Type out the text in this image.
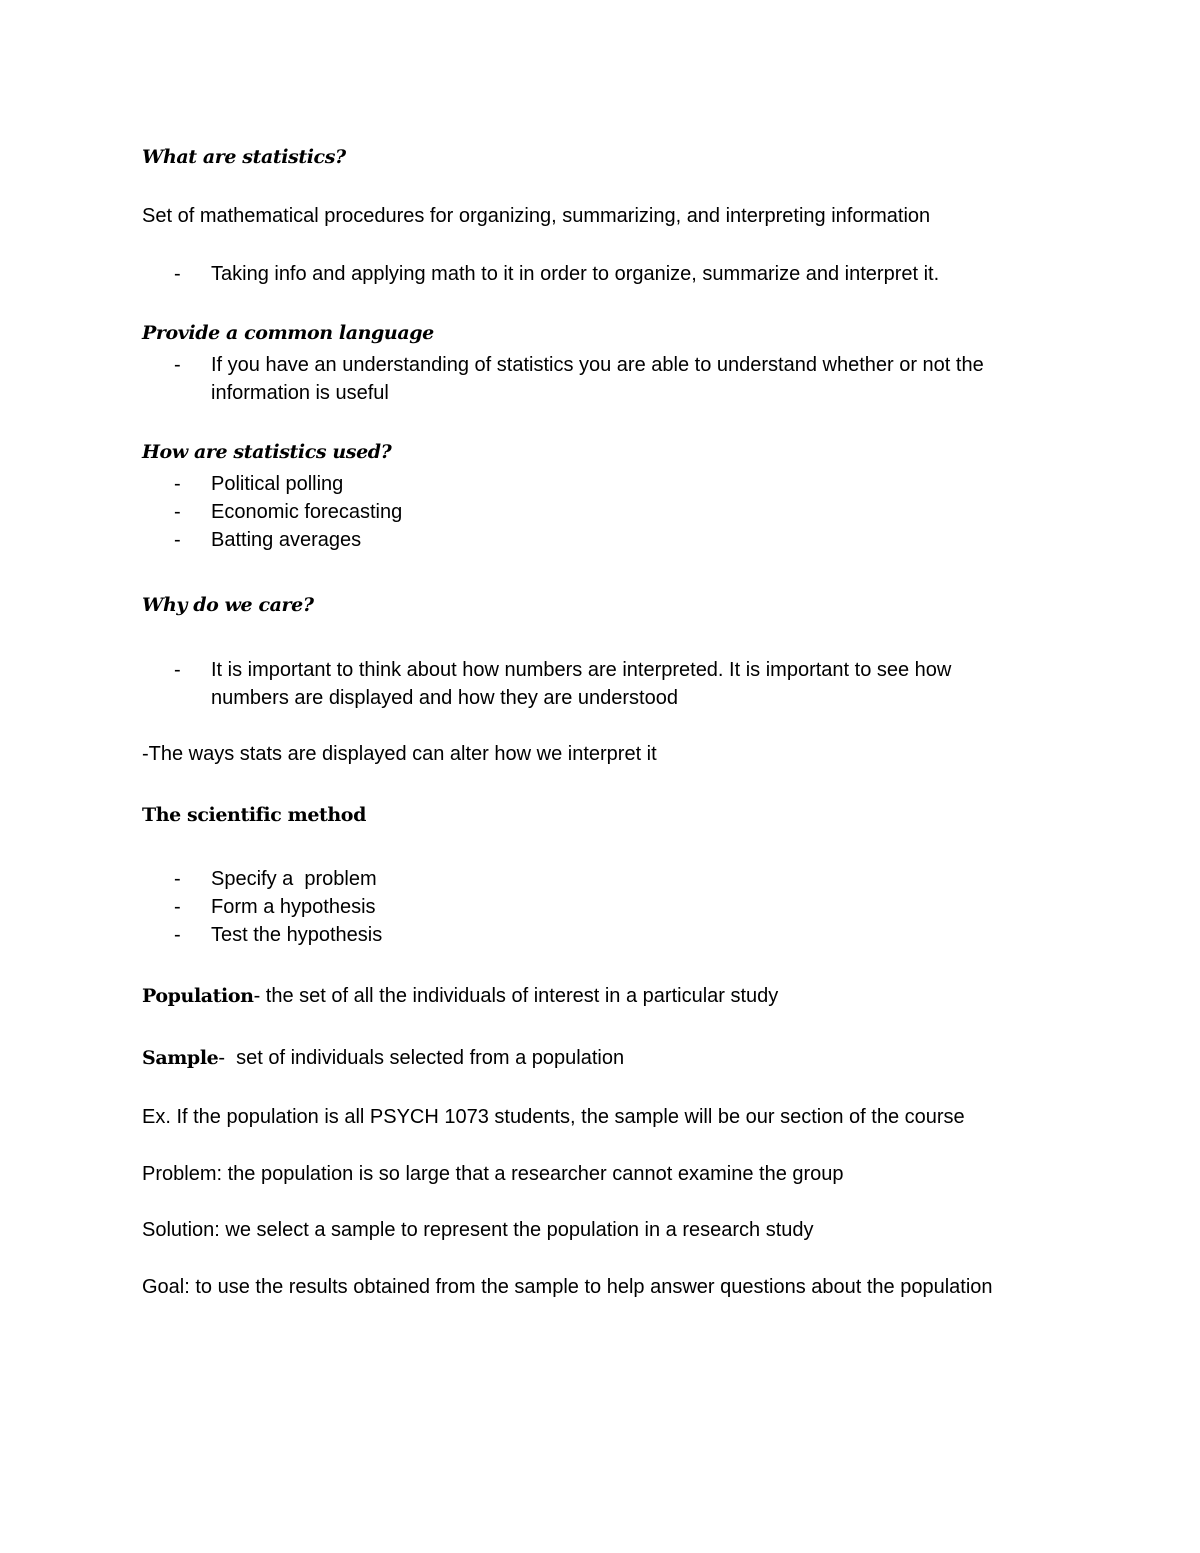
What are statistics?
Set of mathematical procedures for organizing, summarizing, and interpreting information
- Taking info and applying math to it in order to organize, summarize and interpret it.
Provide a common language
- If you have an understanding of statistics you are able to understand whether or not the
information is useful
How are statistics used?
- Political polling
- Economic forecasting
- Batting averages
Why do we care?
- It is important to think about how numbers are interpreted. It is important to see how
numbers are displayed and how they are understood
-The ways stats are displayed can alter how we interpret it
The scientific method
- Specify a  problem
- Form a hypothesis
- Test the hypothesis
Population- the set of all the individuals of interest in a particular study
Sample-  set of individuals selected from a population
Ex. If the population is all PSYCH 1073 students, the sample will be our section of the course
Problem: the population is so large that a researcher cannot examine the group
Solution: we select a sample to represent the population in a research study
Goal: to use the results obtained from the sample to help answer questions about the population
